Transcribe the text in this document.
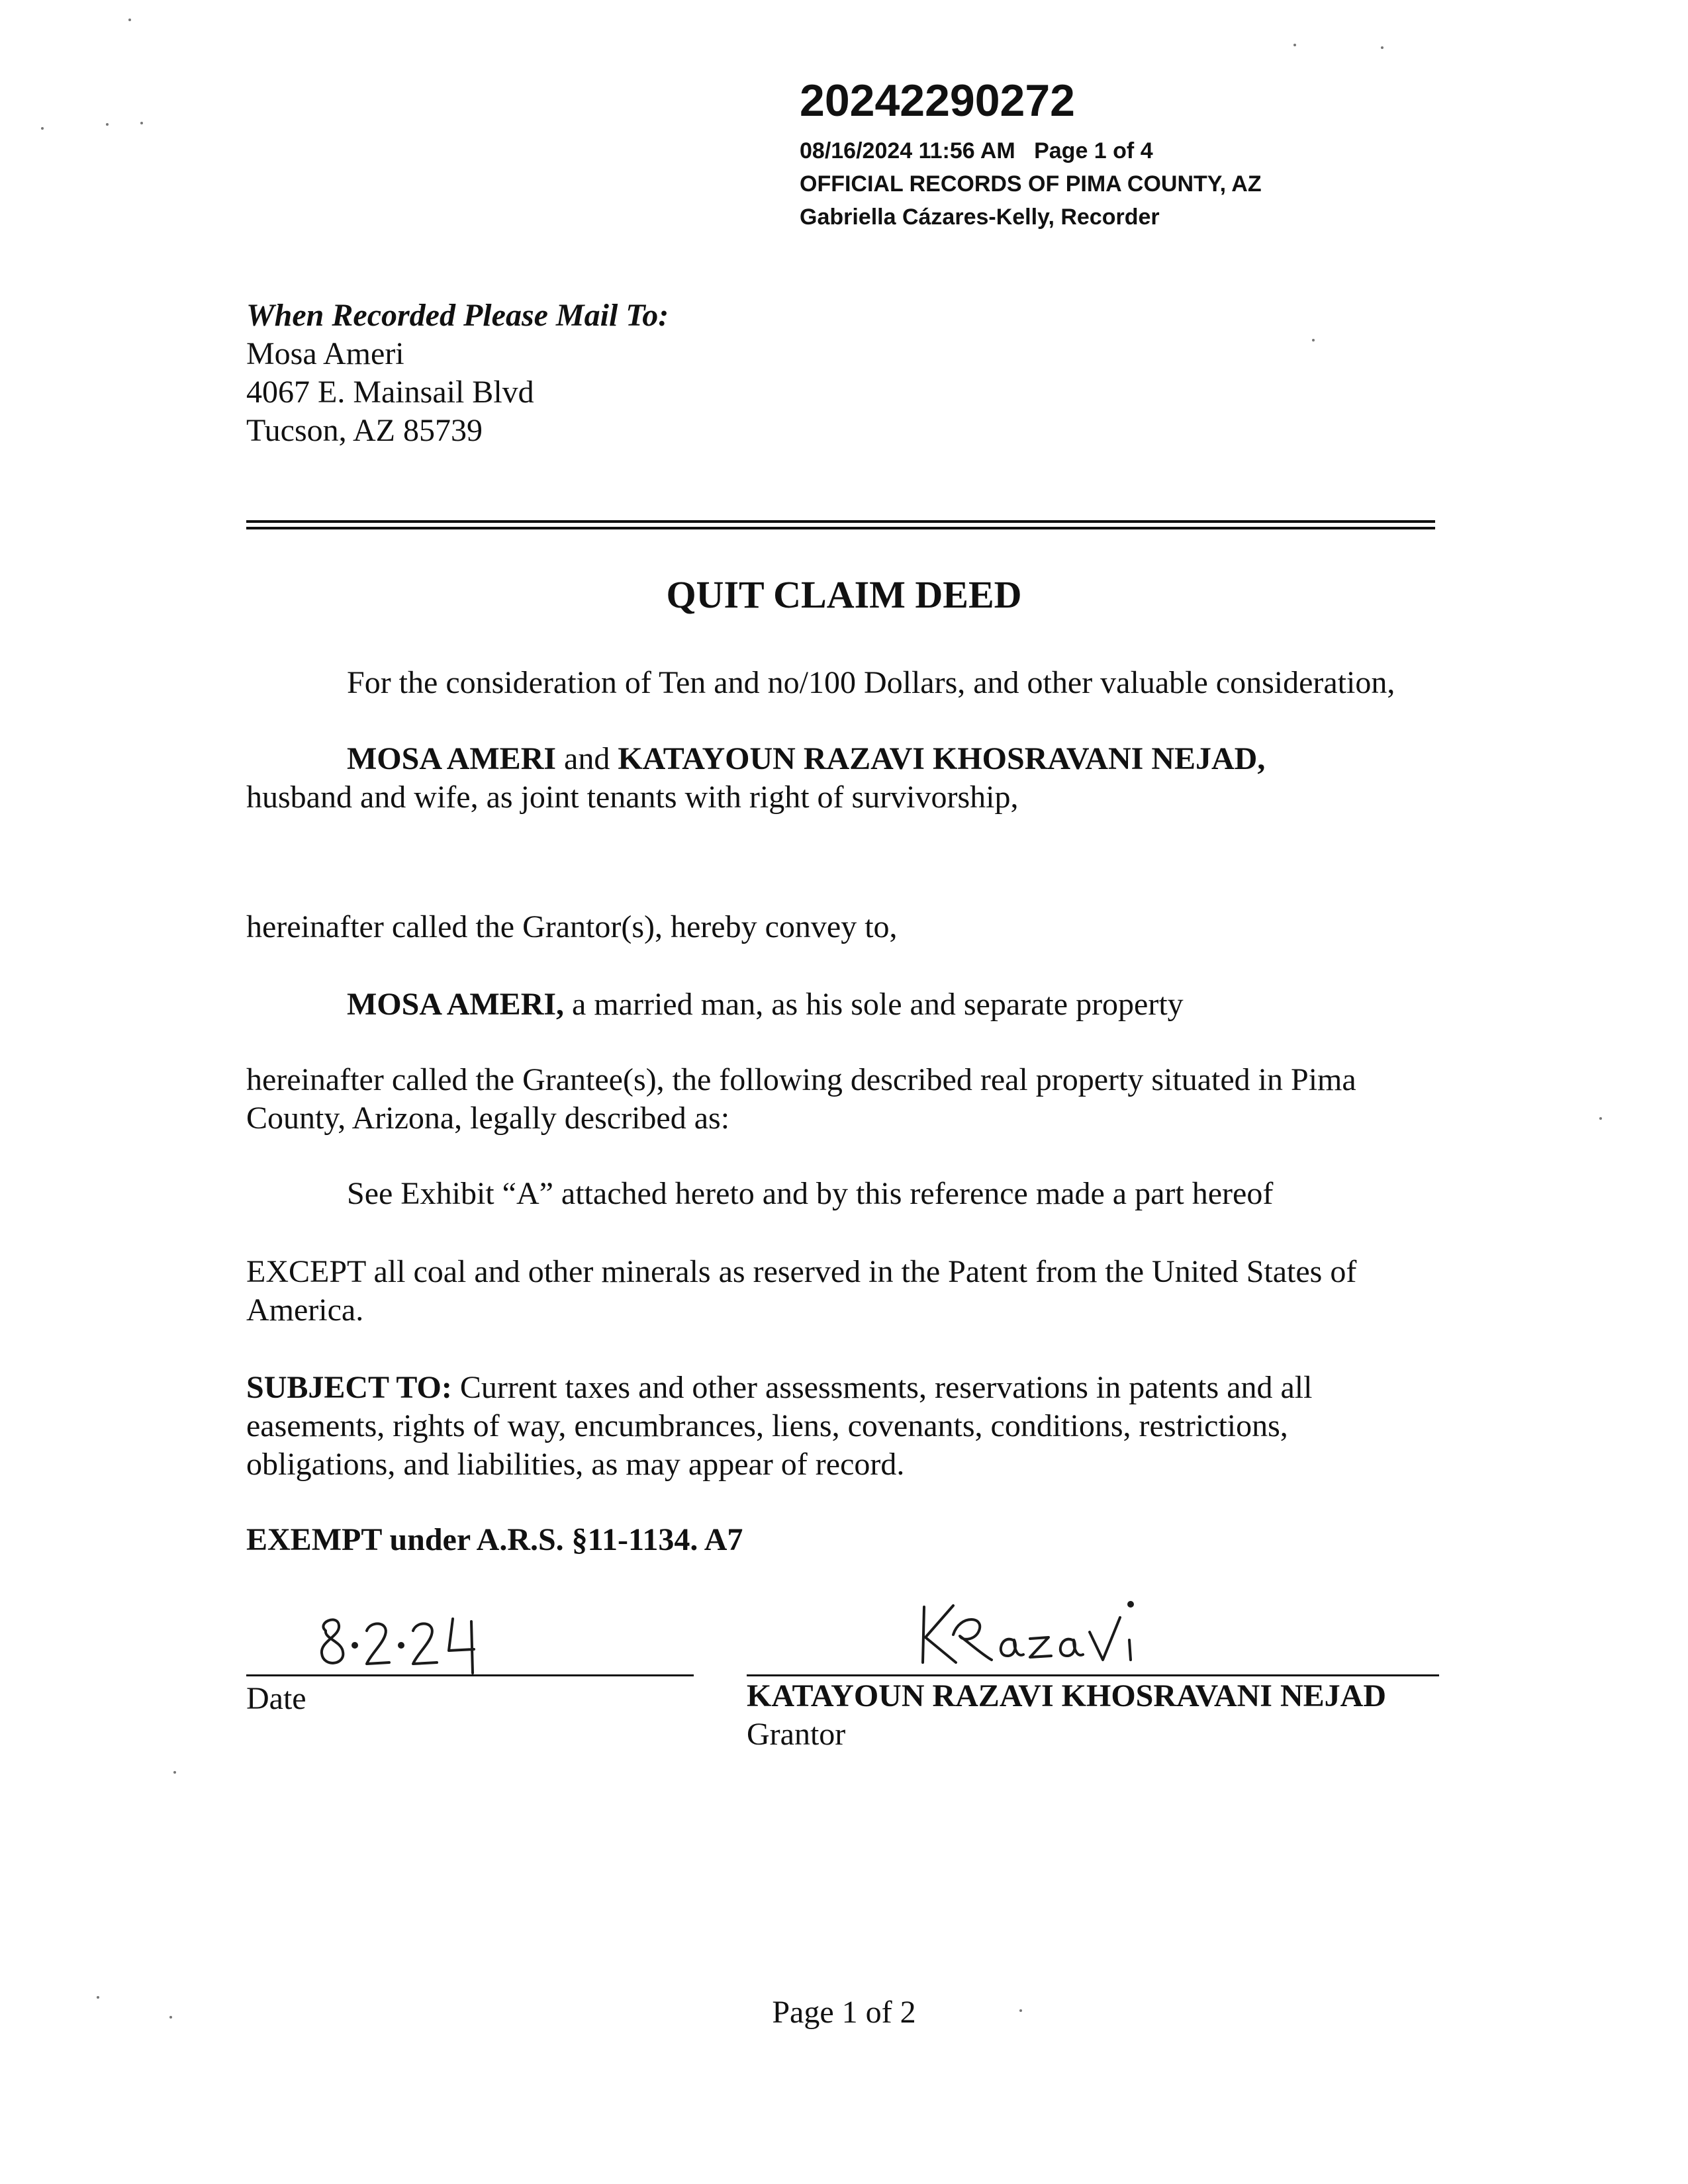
20242290272
08/16/2024 11:56 AM   Page 1 of 4
OFFICIAL RECORDS OF PIMA COUNTY, AZ
Gabriella Cázares-Kelly, Recorder
When Recorded Please Mail To:
Mosa Ameri
4067 E. Mainsail Blvd
Tucson, AZ 85739
QUIT CLAIM DEED
For the consideration of Ten and no/100 Dollars, and other valuable consideration,
MOSA AMERI and KATAYOUN RAZAVI KHOSRAVANI NEJAD,
husband and wife, as joint tenants with right of survivorship,
hereinafter called the Grantor(s), hereby convey to,
MOSA AMERI, a married man, as his sole and separate property
hereinafter called the Grantee(s), the following described real property situated in Pima County, Arizona, legally described as:
See Exhibit “A” attached hereto and by this reference made a part hereof
EXCEPT all coal and other minerals as reserved in the Patent from the United States of America.
SUBJECT TO: Current taxes and other assessments, reservations in patents and all easements, rights of way, encumbrances, liens, covenants, conditions, restrictions, obligations, and liabilities, as may appear of record.
EXEMPT under A.R.S. §11-1134. A7
Date	KATAYOUN RAZAVI KHOSRAVANI NEJAD
Grantor
Page 1 of 2
